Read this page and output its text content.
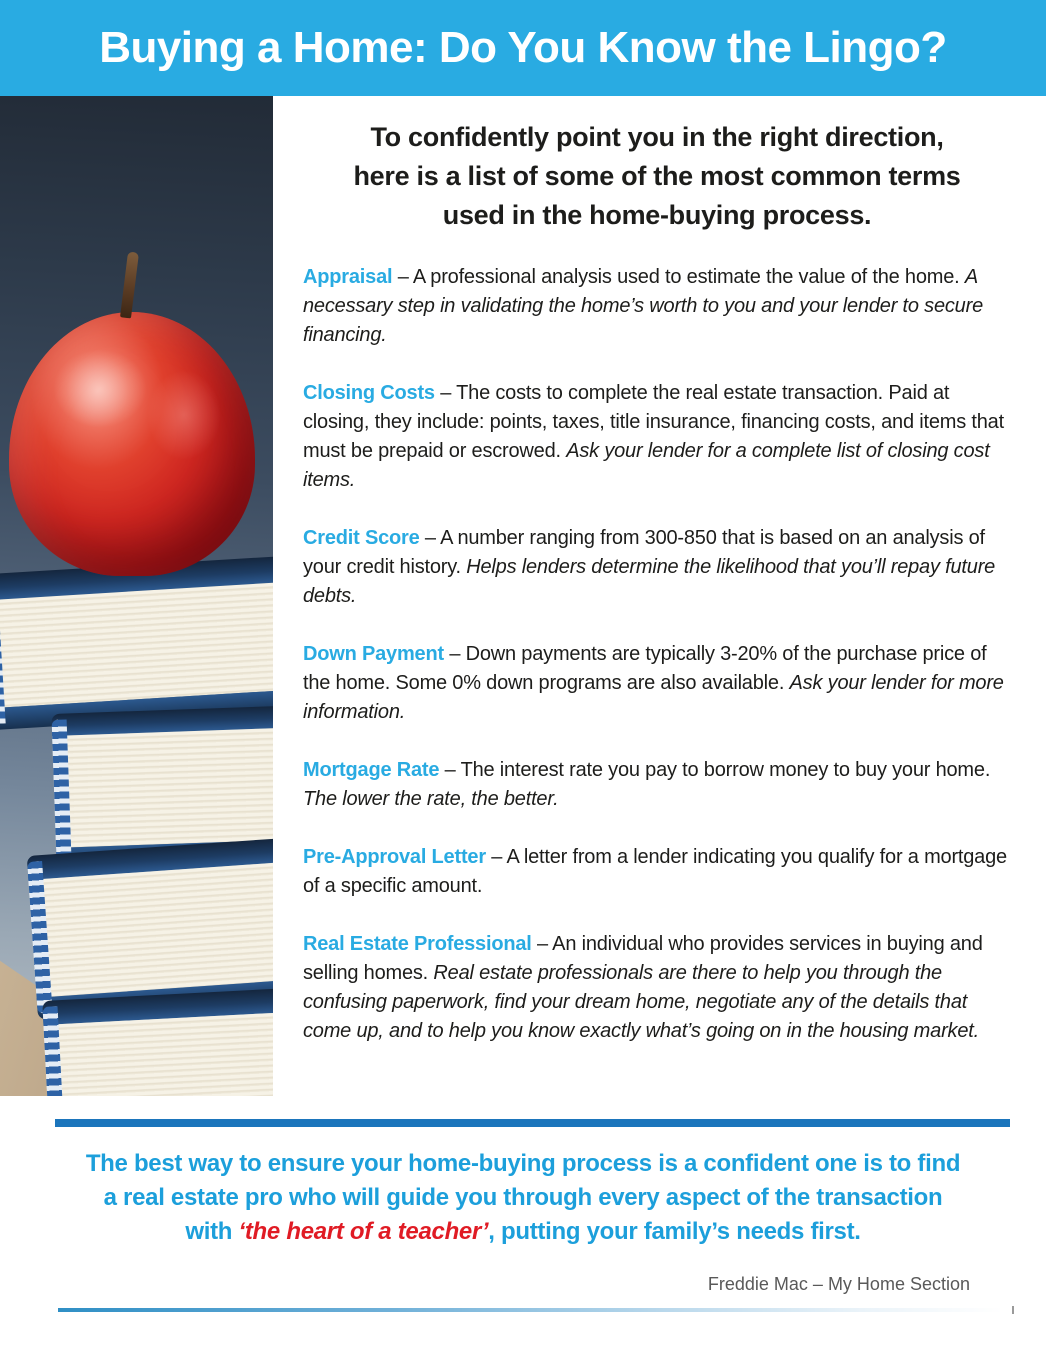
Buying a Home: Do You Know the Lingo?
To confidently point you in the right direction,
here is a list of some of the most common terms
used in the home-buying process.

Appraisal – A professional analysis used to estimate the value of the home. A necessary step in validating the home’s worth to you and your lender to secure financing.

Closing Costs – The costs to complete the real estate transaction. Paid at closing, they include: points, taxes, title insurance, financing costs, and items that must be prepaid or escrowed. Ask your lender for a complete list of closing cost items.

Credit Score – A number ranging from 300-850 that is based on an analysis of your credit history. Helps lenders determine the likelihood that you’ll repay future debts.

Down Payment – Down payments are typically 3-20% of the purchase price of the home. Some 0% down programs are also available. Ask your lender for more information.

Mortgage Rate – The interest rate you pay to borrow money to buy your home. The lower the rate, the better.

Pre-Approval Letter – A letter from a lender indicating you qualify for a mortgage of a specific amount.

Real Estate Professional – An individual who provides services in buying and selling homes. Real estate professionals are there to help you through the confusing paperwork, find your dream home, negotiate any of the details that come up, and to help you know exactly what’s going on in the housing market.

The best way to ensure your home-buying process is a confident one is to find
a real estate pro who will guide you through every aspect of the transaction
with ‘the heart of a teacher’, putting your family’s needs first.
Freddie Mac – My Home Section
